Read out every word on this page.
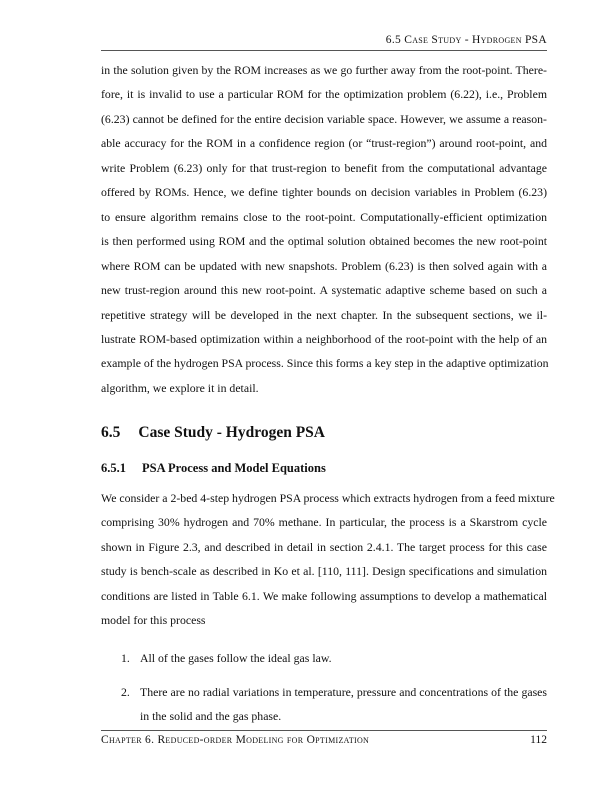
6.5 Case Study - Hydrogen PSA
in the solution given by the ROM increases as we go further away from the root-point. There-
fore, it is invalid to use a particular ROM for the optimization problem (6.22), i.e., Problem
(6.23) cannot be defined for the entire decision variable space. However, we assume a reason-
able accuracy for the ROM in a confidence region (or “trust-region”) around root-point, and
write Problem (6.23) only for that trust-region to benefit from the computational advantage
offered by ROMs. Hence, we define tighter bounds on decision variables in Problem (6.23)
to ensure algorithm remains close to the root-point. Computationally-efficient optimization
is then performed using ROM and the optimal solution obtained becomes the new root-point
where ROM can be updated with new snapshots. Problem (6.23) is then solved again with a
new trust-region around this new root-point. A systematic adaptive scheme based on such a
repetitive strategy will be developed in the next chapter. In the subsequent sections, we il-
lustrate ROM-based optimization within a neighborhood of the root-point with the help of an
example of the hydrogen PSA process. Since this forms a key step in the adaptive optimization
algorithm, we explore it in detail.
6.5 Case Study - Hydrogen PSA
6.5.1 PSA Process and Model Equations
We consider a 2-bed 4-step hydrogen PSA process which extracts hydrogen from a feed mixture
comprising 30% hydrogen and 70% methane. In particular, the process is a Skarstrom cycle
shown in Figure 2.3, and described in detail in section 2.4.1. The target process for this case
study is bench-scale as described in Ko et al. [110, 111]. Design specifications and simulation
conditions are listed in Table 6.1. We make following assumptions to develop a mathematical
model for this process
1. All of the gases follow the ideal gas law.
2. There are no radial variations in temperature, pressure and concentrations of the gases
in the solid and the gas phase.
Chapter 6. Reduced-order Modeling for Optimization	112
